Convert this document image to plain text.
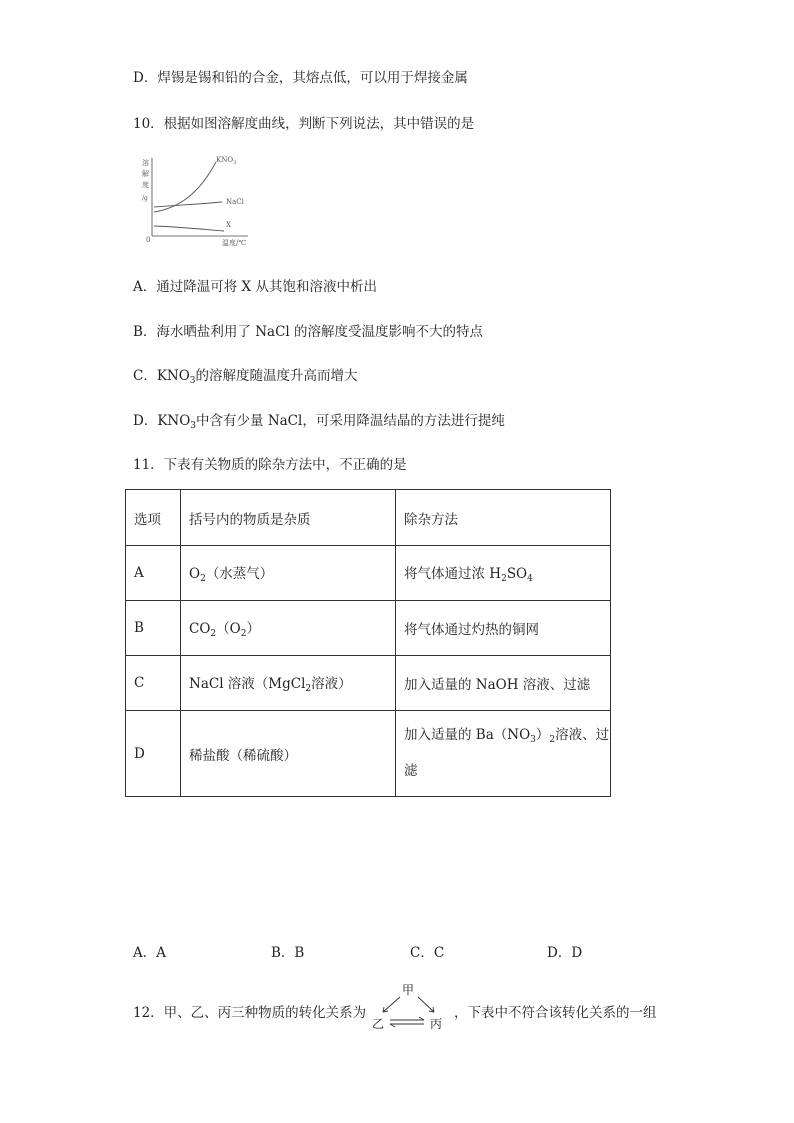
D．焊锡是锡和铅的合金，其熔点低，可以用于焊接金属
10．根据如图溶解度曲线，判断下列说法，其中错误的是
溶
解
度
/g
0	温度/℃
$KNO_3$
NaCl
X
A．通过降温可将 X 从其饱和溶液中析出
B．海水晒盐利用了 NaCl 的溶解度受温度影响不大的特点
C．$KNO_3$的溶解度随温度升高而增大
D．$KNO_3$中含有少量 NaCl，可采用降温结晶的方法进行提纯
11．下表有关物质的除杂方法中，不正确的是
选项	括号内的物质是杂质	除杂方法
A	$O_2$（水蒸气）	将气体通过浓 $H_2SO_4$
B	$CO_2(O_2)$	将气体通过灼热的铜网
C	NaCl 溶液（MgCl$_2$溶液）	加入适量的 NaOH 溶液、过滤
D	稀盐酸（稀硫酸）	加入适量的 $Ba(NO_3)_2$溶液、过
滤
A．A	B．B	C．C	D．D
12．甲、乙、丙三种物质的转化关系为
甲
乙	丙
，下表中不符合该转化关系的一组
